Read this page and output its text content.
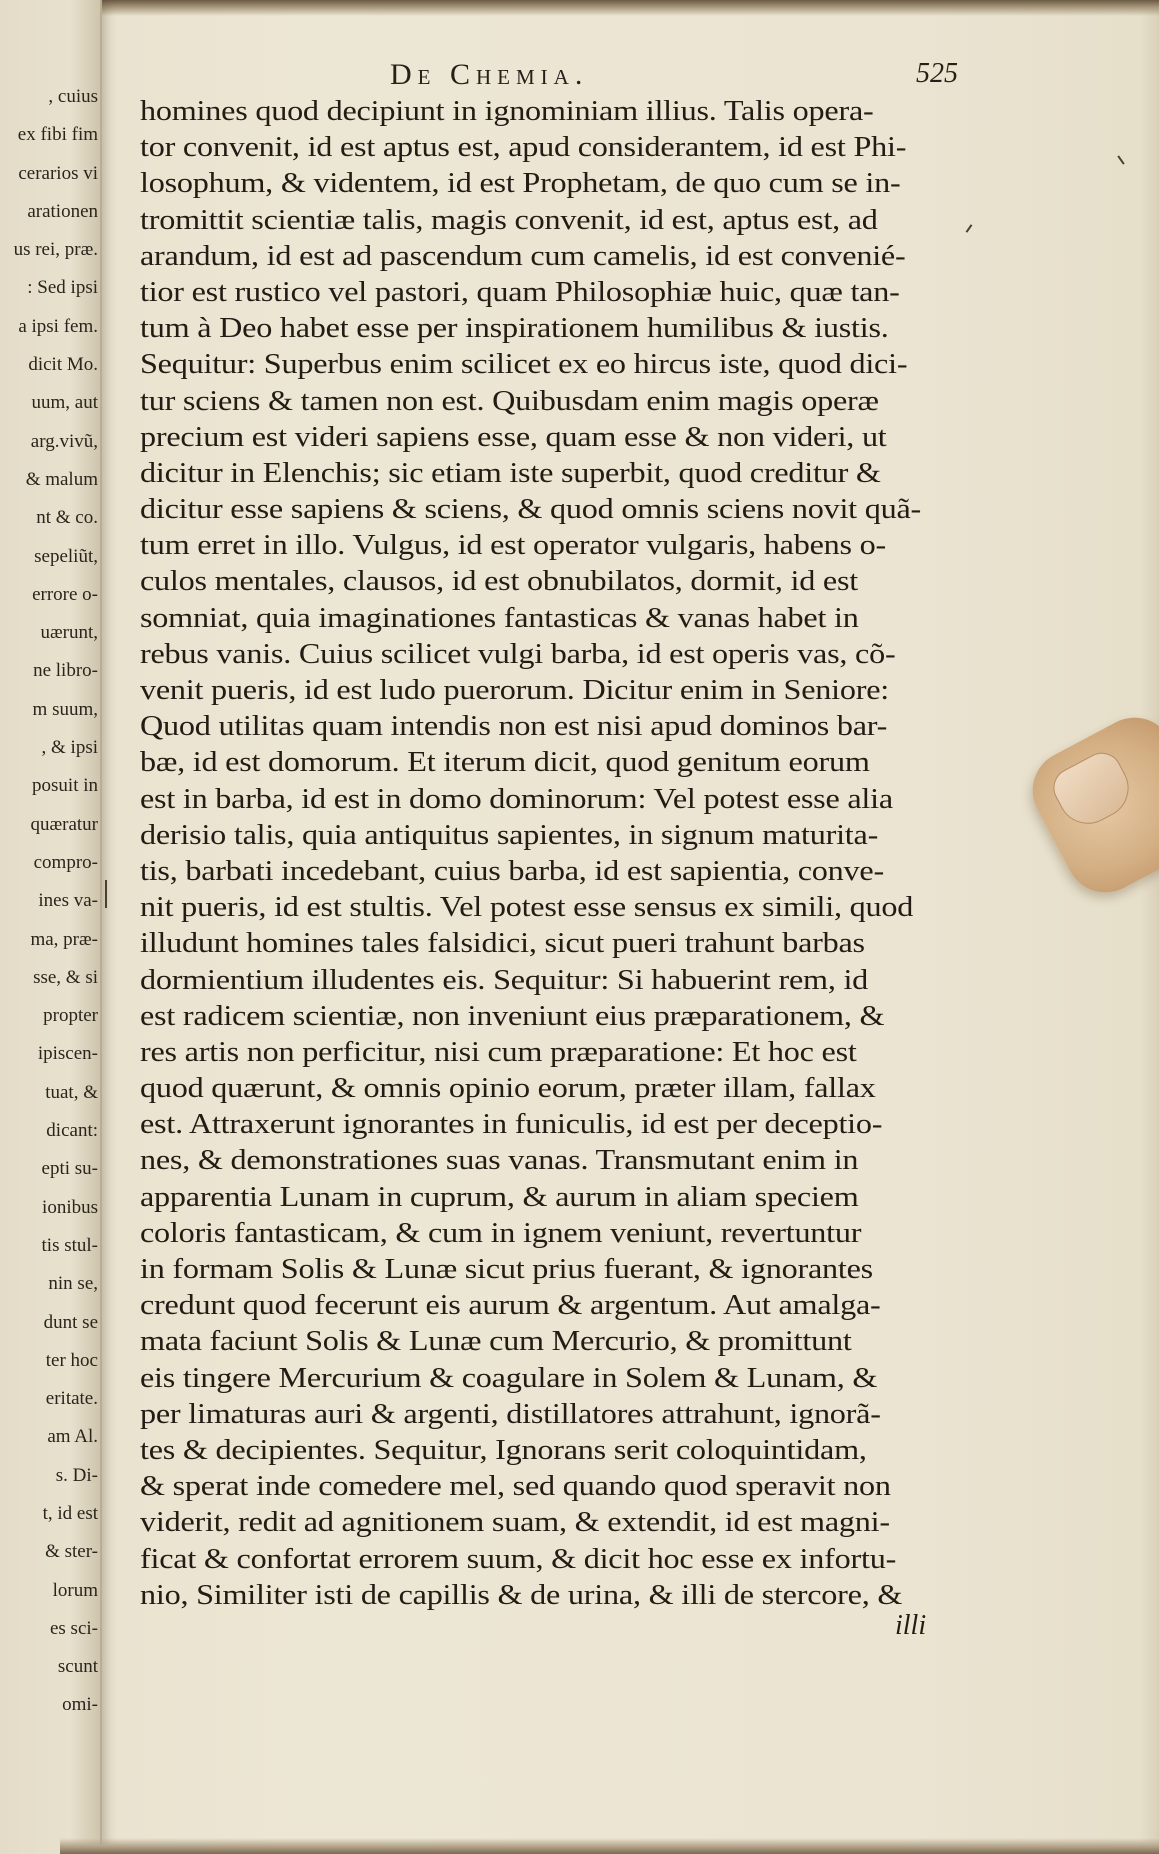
, cuius
ex fibi fim
cerarios vi
arationen
us rei, præ.
: Sed ipsi
a ipsi fem.
dicit Mo.
uum, aut
arg.vivũ,
& malum
nt & co.
sepeliũt,
errore o-
uærunt,
ne libro-
m suum,
, & ipsi
posuit in
quæratur
compro-
ines va-
ma, præ-
sse, & si
propter
ipiscen-
tuat, &
dicant:
epti su-
ionibus
tis stul-
nin se,
dunt se
ter hoc
eritate.
am Al.
s. Di-
t, id est
& ster-
lorum
es sci-
scunt
omi-
De Chemia.	525
homines quod decipiunt in ignominiam illius. Talis opera-
tor convenit, id est aptus est, apud considerantem, id est Phi-
losophum, & videntem, id est Prophetam, de quo cum se in-
tromittit scientiæ talis, magis convenit, id est, aptus est, ad
arandum, id est ad pascendum cum camelis, id est convenié-
tior est rustico vel pastori, quam Philosophiæ huic, quæ tan-
tum à Deo habet esse per inspirationem humilibus & iustis.
Sequitur: Superbus enim scilicet ex eo hircus iste, quod dici-
tur sciens & tamen non est. Quibusdam enim magis operæ
precium est videri sapiens esse, quam esse & non videri, ut
dicitur in Elenchis; sic etiam iste superbit, quod creditur &
dicitur esse sapiens & sciens, & quod omnis sciens novit quã-
tum erret in illo. Vulgus, id est operator vulgaris, habens o-
culos mentales, clausos, id est obnubilatos, dormit, id est
somniat, quia imaginationes fantasticas & vanas habet in
rebus vanis. Cuius scilicet vulgi barba, id est operis vas, cõ-
venit pueris, id est ludo puerorum. Dicitur enim in Seniore:
Quod utilitas quam intendis non est nisi apud dominos bar-
bæ, id est domorum. Et iterum dicit, quod genitum eorum
est in barba, id est in domo dominorum: Vel potest esse alia
derisio talis, quia antiquitus sapientes, in signum maturita-
tis, barbati incedebant, cuius barba, id est sapientia, conve-
nit pueris, id est stultis. Vel potest esse sensus ex simili, quod
illudunt homines tales falsidici, sicut pueri trahunt barbas
dormientium illudentes eis. Sequitur: Si habuerint rem, id
est radicem scientiæ, non inveniunt eius præparationem, &
res artis non perficitur, nisi cum præparatione: Et hoc est
quod quærunt, & omnis opinio eorum, præter illam, fallax
est. Attraxerunt ignorantes in funiculis, id est per deceptio-
nes, & demonstrationes suas vanas. Transmutant enim in
apparentia Lunam in cuprum, & aurum in aliam speciem
coloris fantasticam, & cum in ignem veniunt, revertuntur
in formam Solis & Lunæ sicut prius fuerant, & ignorantes
credunt quod fecerunt eis aurum & argentum. Aut amalga-
mata faciunt Solis & Lunæ cum Mercurio, & promittunt
eis tingere Mercurium & coagulare in Solem & Lunam, &
per limaturas auri & argenti, distillatores attrahunt, ignorã-
tes & decipientes. Sequitur, Ignorans serit coloquintidam,
& sperat inde comedere mel, sed quando quod speravit non
viderit, redit ad agnitionem suam, & extendit, id est magni-
ficat & confortat errorem suum, & dicit hoc esse ex infortu-
nio, Similiter isti de capillis & de urina, & illi de stercore, &
illi
